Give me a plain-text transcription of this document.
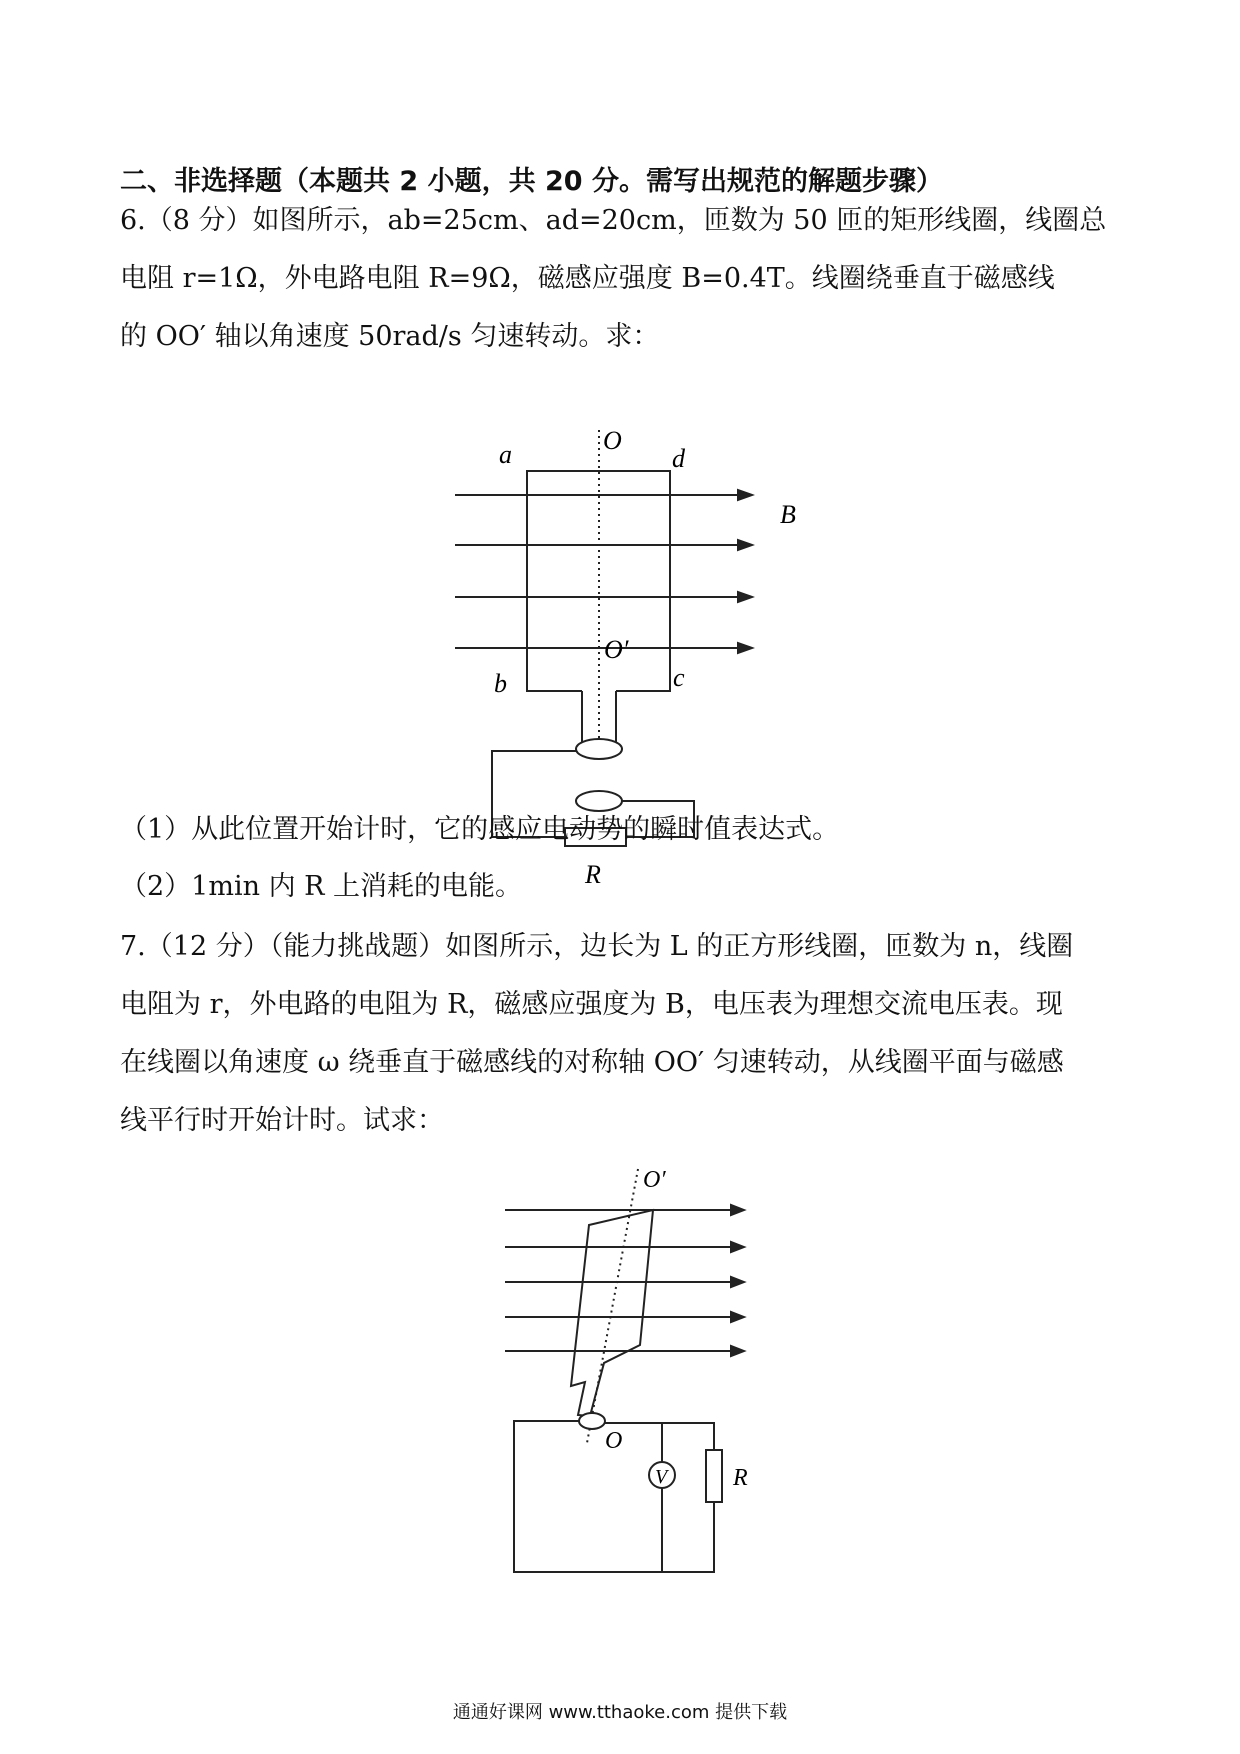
二、非选择题（本题共 2 小题，共 20 分。需写出规范的解题步骤）
6.（8 分）如图所示，ab=25cm、ad=20cm，匝数为 50 匝的矩形线圈，线圈总
电阻 r=1Ω，外电路电阻 R=9Ω，磁感应强度 B=0.4T。线圈绕垂直于磁感线
的 OO′ 轴以角速度 50rad/s 匀速转动。求：
O
a	d
B
O′
b	c
R
（1）从此位置开始计时，它的感应电动势的瞬时值表达式。
（2）1min 内 R 上消耗的电能。
7.（12 分）（能力挑战题）如图所示，边长为 L 的正方形线圈，匝数为 n，线圈
电阻为 r，外电路的电阻为 R，磁感应强度为 B，电压表为理想交流电压表。现
在线圈以角速度 ω 绕垂直于磁感线的对称轴 OO′ 匀速转动，从线圈平面与磁感
线平行时开始计时。试求：
V
O′
O
R
通通好课网 www.tthaoke.com 提供下载
